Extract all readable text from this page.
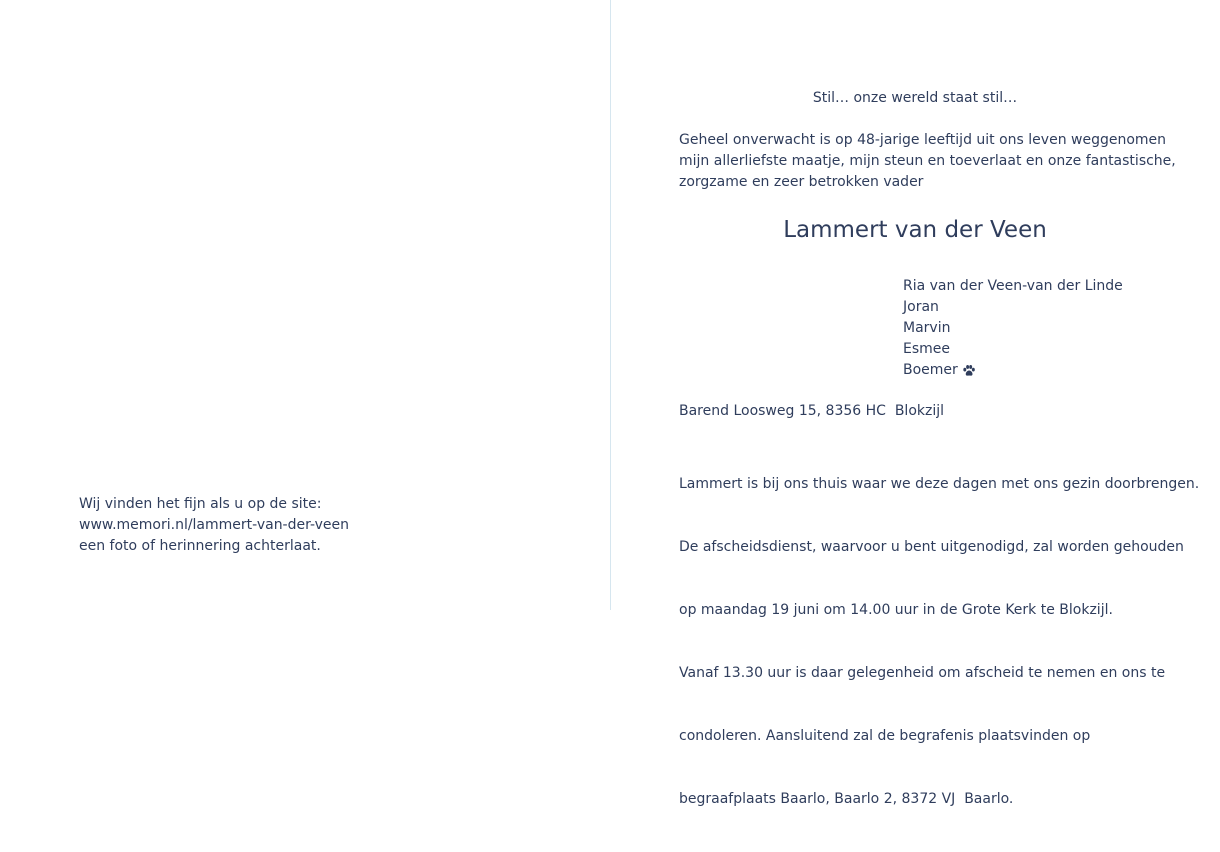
Wij vinden het fijn als u op de site:
www.memori.nl/lammert-van-der-veen
een foto of herinnering achterlaat.
Stil… onze wereld staat stil…
Geheel onverwacht is op 48-jarige leeftijd uit ons leven weggenomen
mijn allerliefste maatje, mijn steun en toeverlaat en onze fantastische,
zorgzame en zeer betrokken vader
Lammert van der Veen
Ria van der Veen-van der Linde
Joran
Marvin
Esmee
Boemer
Barend Loosweg 15, 8356 HC  Blokzijl

Lammert is bij ons thuis waar we deze dagen met ons gezin doorbrengen.

De afscheidsdienst, waarvoor u bent uitgenodigd, zal worden gehouden

op maandag 19 juni om 14.00 uur in de Grote Kerk te Blokzijl.

Vanaf 13.30 uur is daar gelegenheid om afscheid te nemen en ons te

condoleren. Aansluitend zal de begrafenis plaatsvinden op

begraafplaats Baarlo, Baarlo 2, 8372 VJ  Baarlo.
